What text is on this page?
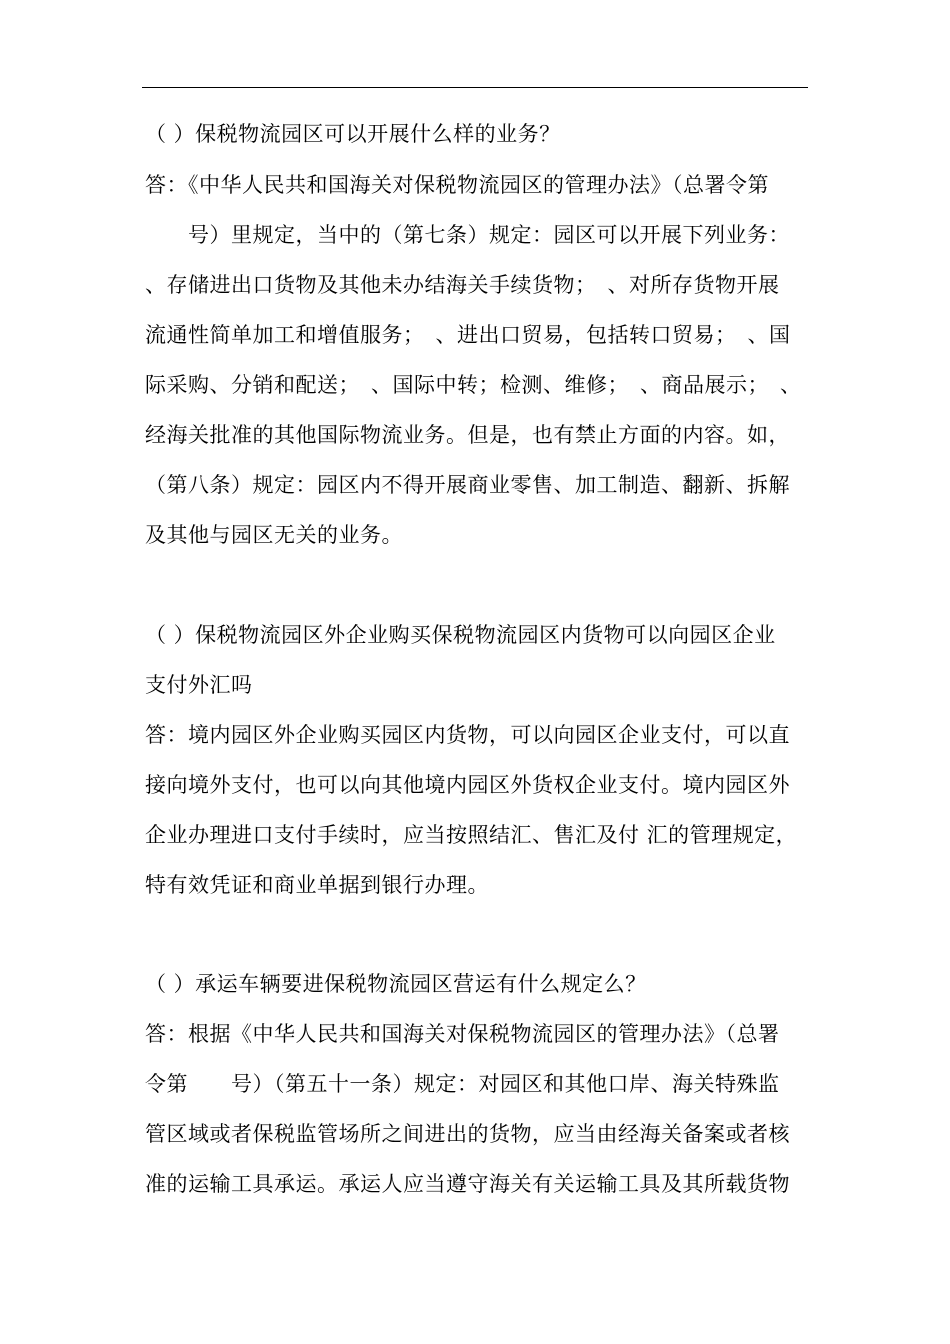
（ ）保税物流园区可以开展什么样的业务？
答：《中华人民共和国海关对保税物流园区的管理办法》（总署令第
　　号）里规定，当中的（第七条）规定：园区可以开展下列业务：
、存储进出口货物及其他未办结海关手续货物；　、对所存货物开展
流通性简单加工和增值服务；　、进出口贸易，包括转口贸易；　、国
际采购、分销和配送；　、国际中转；检测、维修；　、商品展示；　、
经海关批准的其他国际物流业务。但是，也有禁止方面的内容。如，
（第八条）规定：园区内不得开展商业零售、加工制造、翻新、拆解
及其他与园区无关的业务。
（ ）保税物流园区外企业购买保税物流园区内货物可以向园区企业
支付外汇吗
答：境内园区外企业购买园区内货物，可以向园区企业支付，可以直
接向境外支付，也可以向其他境内园区外货权企业支付。境内园区外
企业办理进口支付手续时，应当按照结汇、售汇及付 汇的管理规定，
特有效凭证和商业单据到银行办理。
（ ）承运车辆要进保税物流园区营运有什么规定么？
答：根据《中华人民共和国海关对保税物流园区的管理办法》（总署
令第　　号）（第五十一条）规定：对园区和其他口岸、海关特殊监
管区域或者保税监管场所之间进出的货物，应当由经海关备案或者核
准的运输工具承运。承运人应当遵守海关有关运输工具及其所载货物
